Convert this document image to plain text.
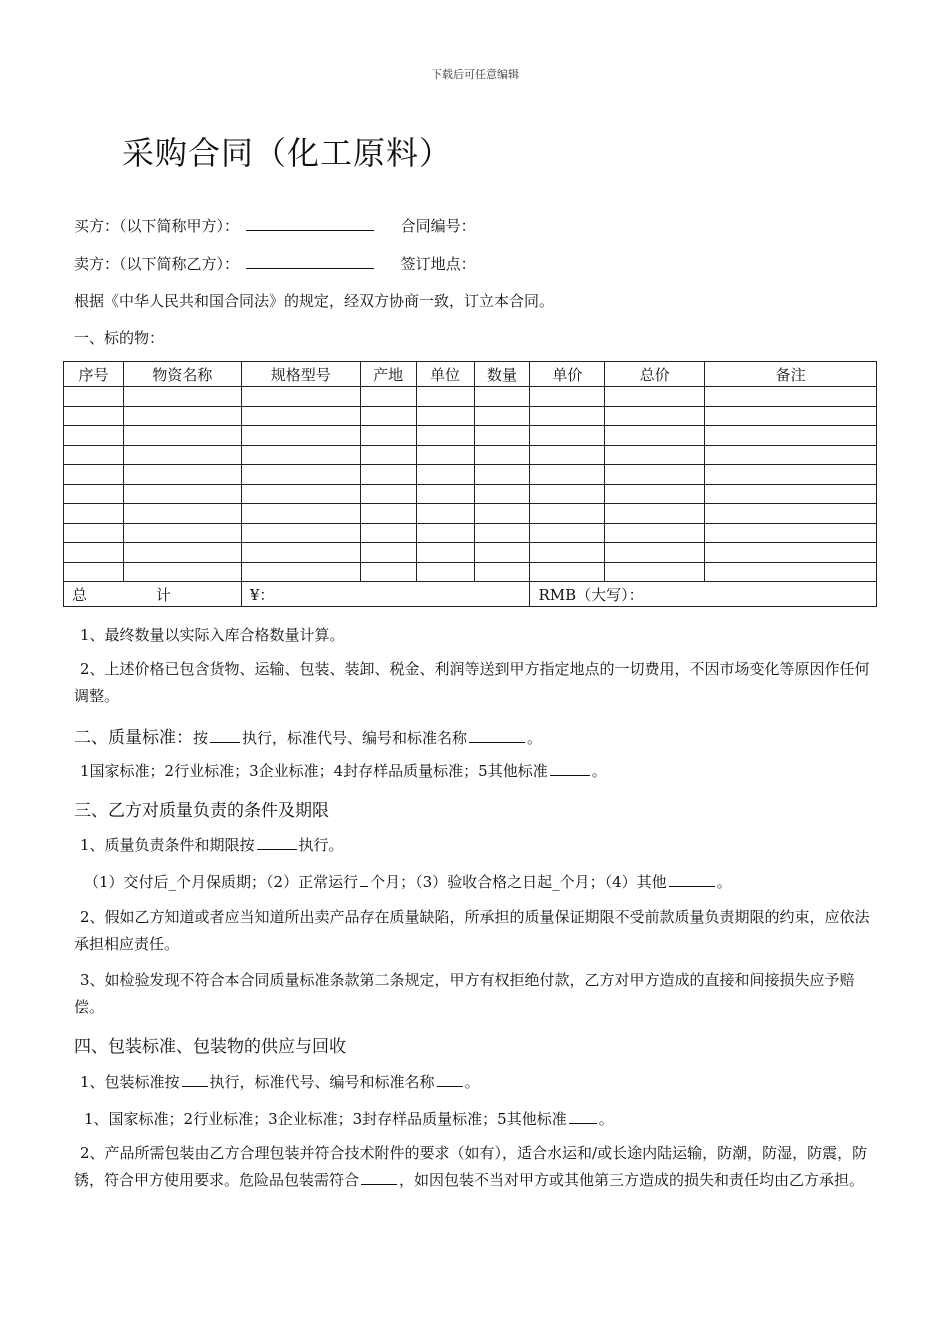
下载后可任意编辑
采购合同（化工原料）
买方：（以下简称甲方）：	合同编号：
卖方：（以下简称乙方）：	签订地点：
根据《中华人民共和国合同法》的规定，经双方协商一致，订立本合同。
一、标的物：
序号	物资名称	规格型号	产地	单位	数量	单价	总价	备注

总 计		¥：				RMB（大写）：		
1、最终数量以实际入库合格数量计算。
2、上述价格已包含货物、运输、包装、装卸、税金、利润等送到甲方指定地点的一切费用，不因市场变化等原因作任何调整。
二、质量标准：按 执行，标准代号、编号和标准名称	。
1国家标准；2行业标准；3企业标准；4封存样品质量标准；5其他标准	。
三、乙方对质量负责的条件及期限
1、质量负责条件和期限按	执行。
（1）交付后_个月保质期；（2）正常运行 个月；（3）验收合格之日起_个月；（4）其他	。
2、假如乙方知道或者应当知道所出卖产品存在质量缺陷，所承担的质量保证期限不受前款质量负责期限的约束，应依法承担相应责任。
3、如检验发现不符合本合同质量标准条款第二条规定，甲方有权拒绝付款，乙方对甲方造成的直接和间接损失应予赔偿。
四、包装标准、包装物的供应与回收
1、包装标准按 执行，标准代号、编号和标准名称 。
1、国家标准；2行业标准；3企业标准；3封存样品质量标准；5其他标准 。
2、产品所需包装由乙方合理包装并符合技术附件的要求（如有），适合水运和/或长途内陆运输，防潮，防湿，防震，防锈，符合甲方使用要求。危险品包装需符合	，如因包装不当对甲方或其他第三方造成的损失和责任均由乙方承担。
